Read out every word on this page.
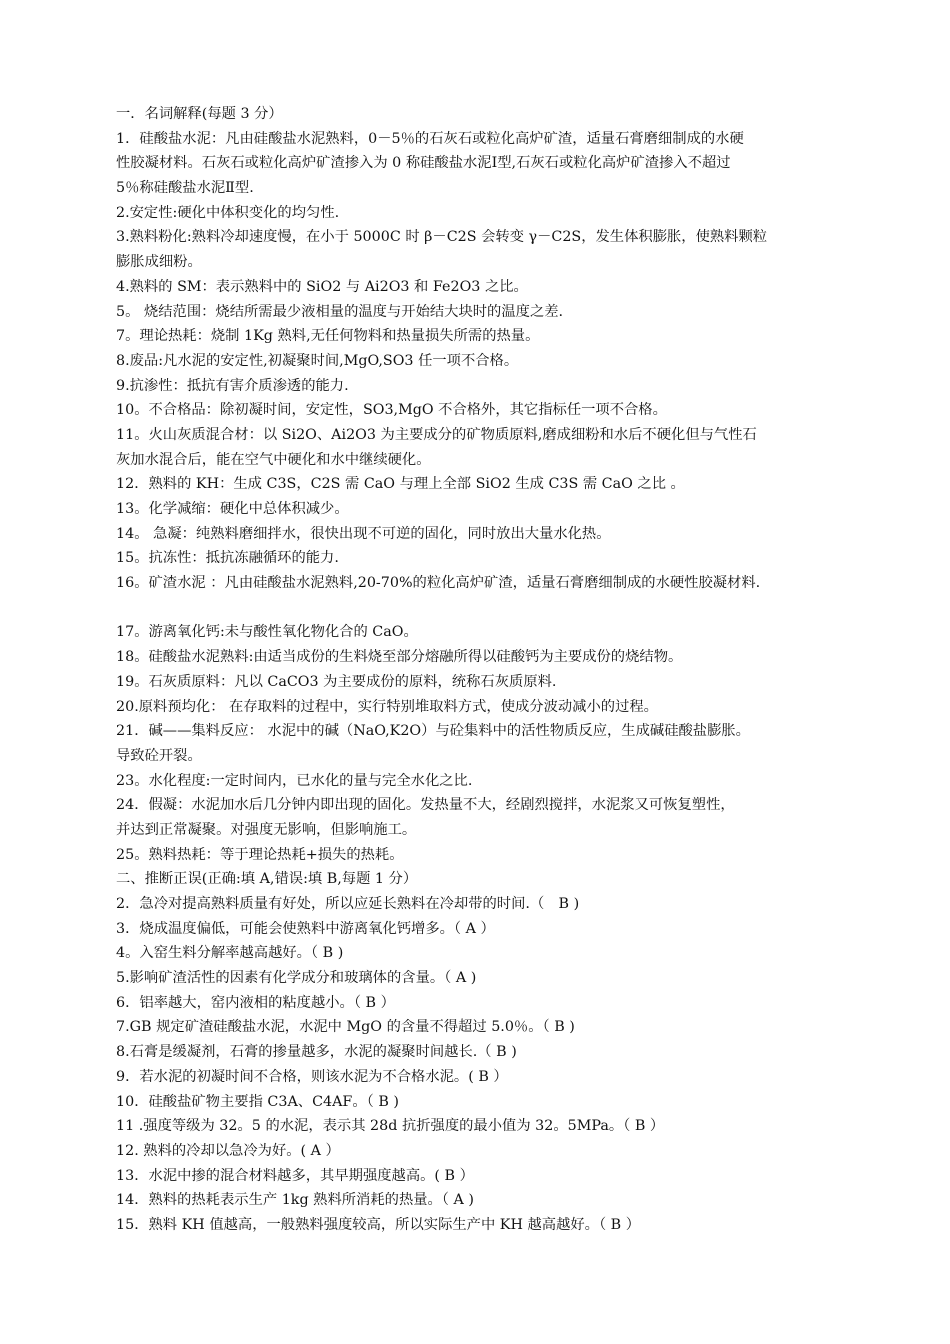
一．名词解释(每题 3 分）
1．硅酸盐水泥：凡由硅酸盐水泥熟料，0－5％的石灰石或粒化高炉矿渣，适量石膏磨细制成的水硬
性胶凝材料。石灰石或粒化高炉矿渣掺入为 0 称硅酸盐水泥Ⅰ型,石灰石或粒化高炉矿渣掺入不超过
5％称硅酸盐水泥Ⅱ型.
2.安定性:硬化中体积变化的均匀性.
3.熟料粉化:熟料冷却速度慢，在小于 5000C 时 β－C2S 会转变 γ－C2S，发生体积膨胀，使熟料颗粒
膨胀成细粉。
4.熟料的 SM：表示熟料中的 SiO2 与 Ai2O3 和 Fe2O3 之比。
5。 烧结范围：烧结所需最少液相量的温度与开始结大块时的温度之差.
7。理论热耗：烧制 1Kg 熟料,无任何物料和热量损失所需的热量。
8.废品:凡水泥的安定性,初凝聚时间,MgO,SO3 任一项不合格。
9.抗渗性：抵抗有害介质渗透的能力.
10。不合格品：除初凝时间，安定性，SO3,MgO 不合格外，其它指标任一项不合格。
11。火山灰质混合材：以 Si2O、Ai2O3 为主要成分的矿物质原料,磨成细粉和水后不硬化但与气性石
灰加水混合后，能在空气中硬化和水中继续硬化。
12．熟料的 KH：生成 C3S，C2S 需 CaO 与理上全部 SiO2 生成 C3S 需 CaO 之比 。
13。化学减缩：硬化中总体积减少。
14。 急凝：纯熟料磨细拌水，很快出现不可逆的固化，同时放出大量水化热。
15。抗冻性：抵抗冻融循环的能力.
16。矿渣水泥 ：凡由硅酸盐水泥熟料,20-70%的粒化高炉矿渣，适量石膏磨细制成的水硬性胶凝材料.
17。游离氧化钙:未与酸性氧化物化合的 CaO。
18。硅酸盐水泥熟料:由适当成份的生料烧至部分熔融所得以硅酸钙为主要成份的烧结物。
19。石灰质原料：凡以 CaCO3 为主要成份的原料，统称石灰质原料.
20.原料预均化： 在存取料的过程中，实行特别堆取料方式，使成分波动减小的过程。
21．碱——集料反应： 水泥中的碱（NaO,K2O）与砼集料中的活性物质反应，生成碱硅酸盐膨胀。
导致砼开裂。
23。水化程度:一定时间内，已水化的量与完全水化之比.
24．假凝：水泥加水后几分钟内即出现的固化。发热量不大，经剧烈搅拌，水泥浆又可恢复塑性，
并达到正常凝聚。对强度无影响，但影响施工。
25。熟料热耗：等于理论热耗+损失的热耗。
二、推断正误(正确:填 A,错误:填 B,每题 1 分）
2．急冷对提高熟料质量有好处，所以应延长熟料在冷却带的时间.（　B )
3．烧成温度偏低，可能会使熟料中游离氧化钙增多。（ A ）
4。入窑生料分解率越高越好。（ B )
5.影响矿渣活性的因素有化学成分和玻璃体的含量。（ A )
6．铝率越大，窑内液相的粘度越小。（ B ）
7.GB 规定矿渣硅酸盐水泥，水泥中 MgO 的含量不得超过 5.0％。（ B )
8.石膏是缓凝剂，石膏的掺量越多，水泥的凝聚时间越长.（ B )
9．若水泥的初凝时间不合格，则该水泥为不合格水泥。( B ）
10．硅酸盐矿物主要指 C3A、C4AF。（ B )
11 .强度等级为 32。5 的水泥，表示其 28d 抗折强度的最小值为 32。5MPa。（ B ）
12. 熟料的冷却以急冷为好。( A ）
13．水泥中掺的混合材料越多，其早期强度越高。( B ）
14．熟料的热耗表示生产 1kg 熟料所消耗的热量。（ A )
15．熟料 KH 值越高，一般熟料强度较高，所以实际生产中 KH 越高越好。（ B ）
